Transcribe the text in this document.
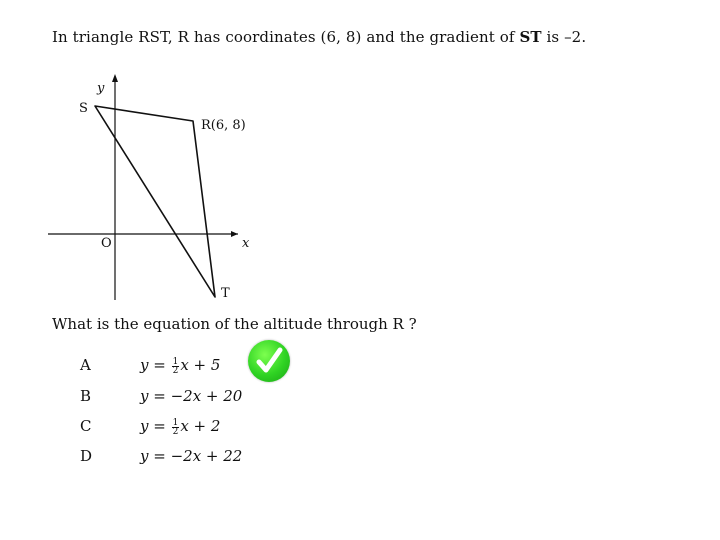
In triangle RST, R has coordinates (6, 8) and the gradient of ST is –2.
y
x
O
S
R(6, 8)
T
What is the equation of the altitude through R ?
A	$y = \frac{1}{2}$ x + 5
B	y = −2x + 20
C	$y = \frac{1}{2}$ x + 2
D	y = −2x + 22
